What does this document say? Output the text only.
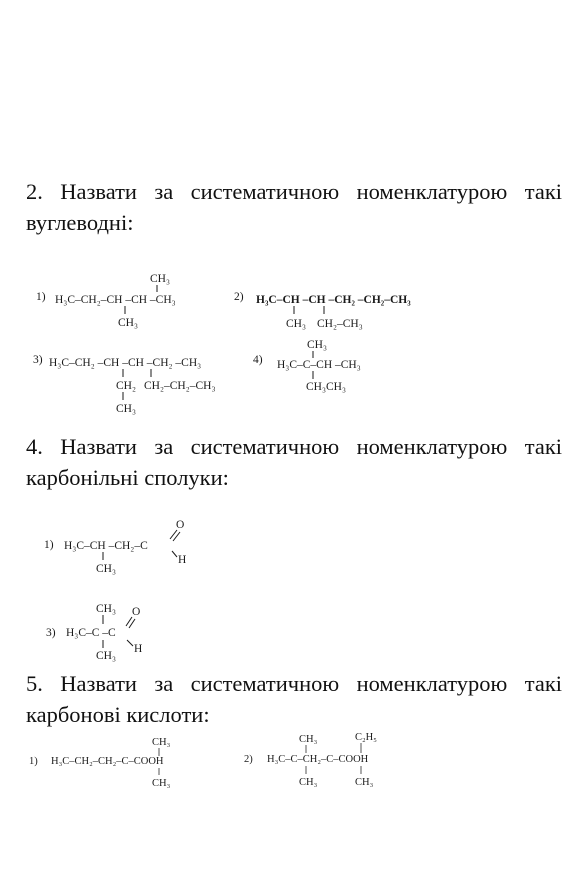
2. Назвати за систематичною номенклатурою такі вуглеводні:
1)
CH₃
H₃C–CH₂–CH –CH –CH₃
CH₃
2) H₃C–CH –CH –CH₂ –CH₂–CH₃
CH₃ CH₂–CH₃
3) H₃C–CH₂ –CH –CH –CH₂ –CH₃
CH₂ CH₂–CH₂–CH₃
CH₃
4)
CH₃
H₃C–C–CH –CH₃
CH₃CH₃
1) H₃C–CH –CH₂–C
CH₃
O
H
CH₃
3) H₃C–C –C
CH₃
O
H
1)
CH₃
H₃C–CH₂–CH₂–C–COOH
CH₃
2)
CH₃	C₂H₅
H₃C–C–CH₂–C–COOH
CH₃	CH₃
4. Назвати за систематичною номенклатурою такі карбонільні сполуки:
5. Назвати за систематичною номенклатурою такі карбонові кислоти:
